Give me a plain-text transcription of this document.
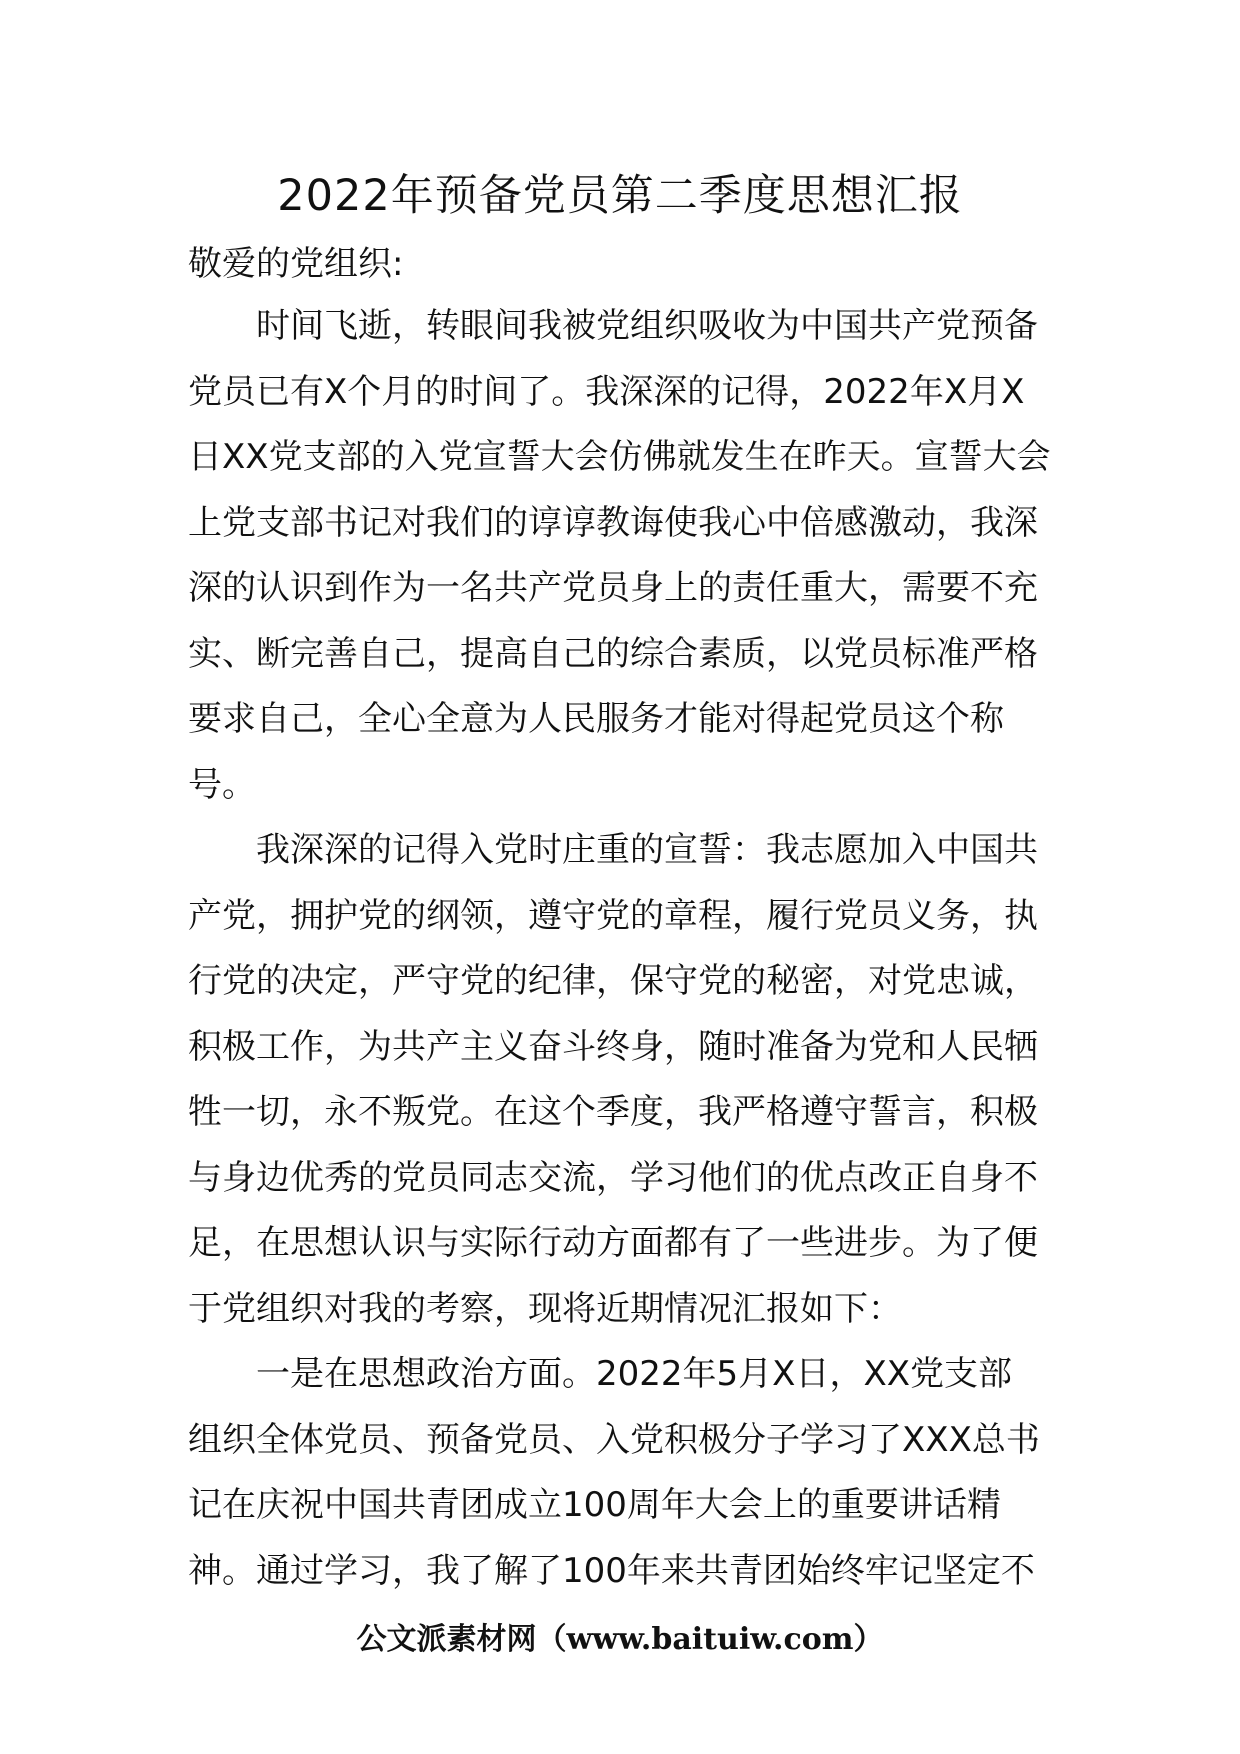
2022年预备党员第二季度思想汇报
敬爱的党组织:
时间飞逝，转眼间我被党组织吸收为中国共产党预备
党员已有X个月的时间了。我深深的记得，2022年X月X
日XX党支部的入党宣誓大会仿佛就发生在昨天。宣誓大会
上党支部书记对我们的谆谆教诲使我心中倍感激动，我深
深的认识到作为一名共产党员身上的责任重大，需要不充
实、断完善自己，提高自己的综合素质，以党员标准严格
要求自己，全心全意为人民服务才能对得起党员这个称
号。
我深深的记得入党时庄重的宣誓：我志愿加入中国共
产党，拥护党的纲领，遵守党的章程，履行党员义务，执
行党的决定，严守党的纪律，保守党的秘密，对党忠诚，
积极工作，为共产主义奋斗终身，随时准备为党和人民牺
牲一切，永不叛党。在这个季度，我严格遵守誓言，积极
与身边优秀的党员同志交流，学习他们的优点改正自身不
足，在思想认识与实际行动方面都有了一些进步。为了便
于党组织对我的考察，现将近期情况汇报如下：
一是在思想政治方面。2022年5月X日，XX党支部
组织全体党员、预备党员、入党积极分子学习了XXX总书
记在庆祝中国共青团成立100周年大会上的重要讲话精
神。通过学习，我了解了100年来共青团始终牢记坚定不
公文派素材网（www.baituiw.com）
